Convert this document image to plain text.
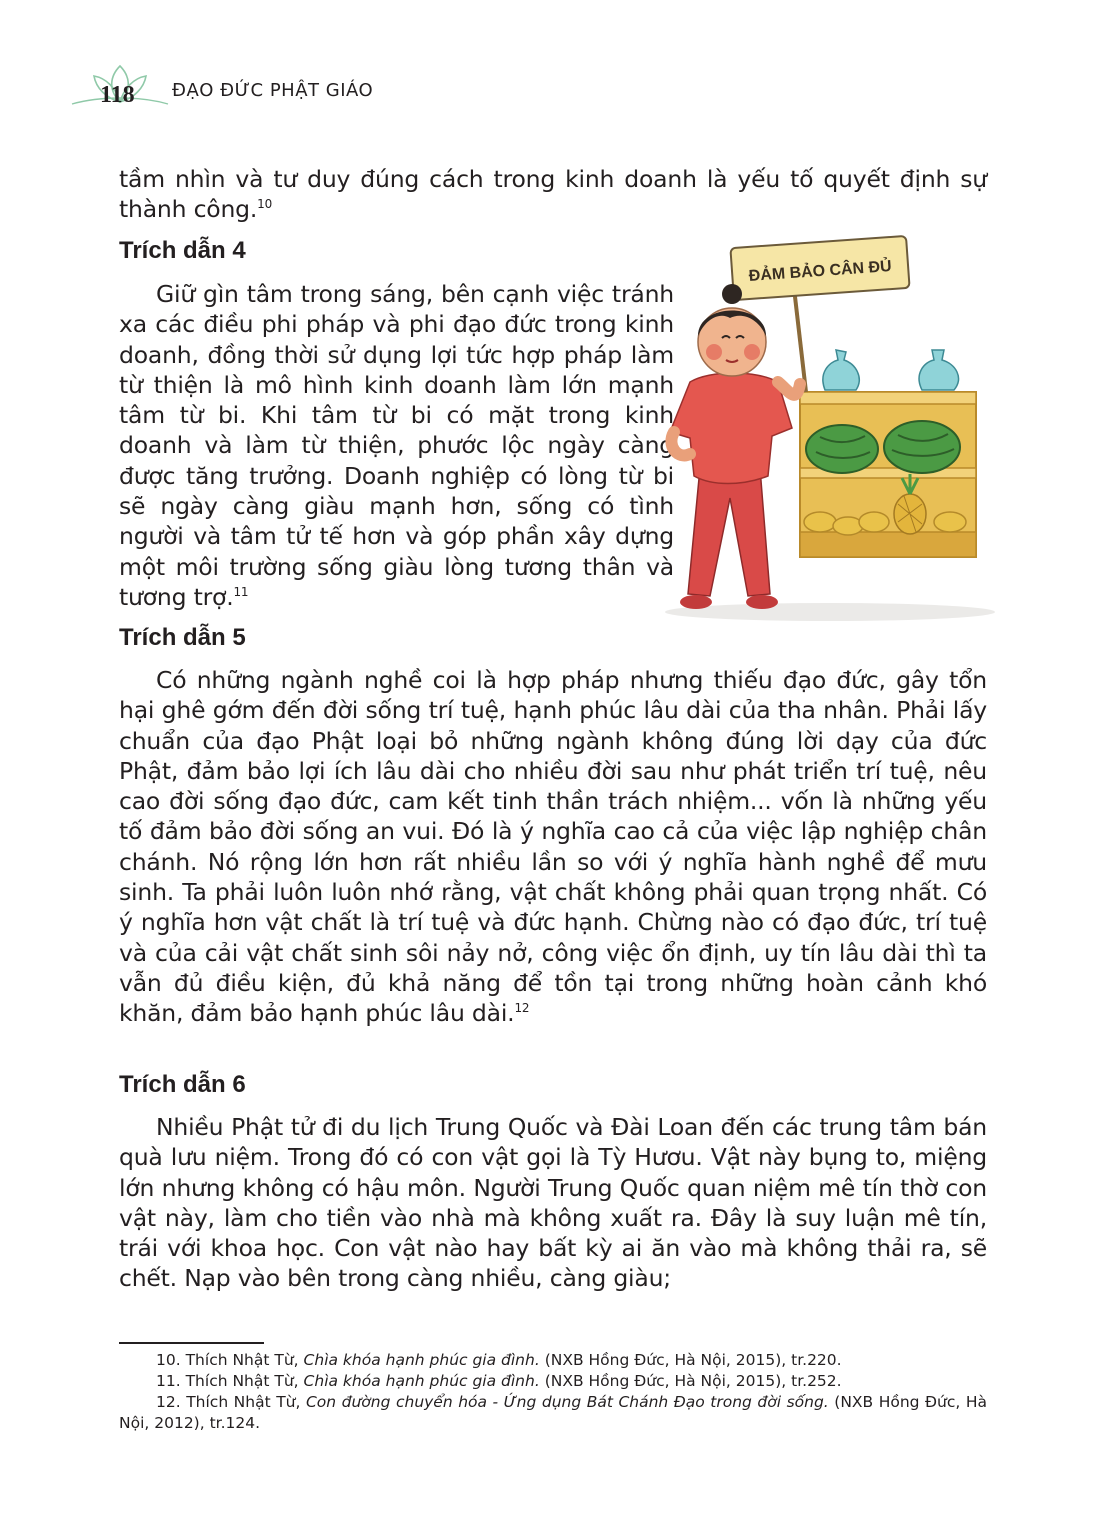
118 ĐẠO ĐỨC PHẬT GIÁO

tầm nhìn và tư duy đúng cách trong kinh doanh là yếu tố quyết định sự thành công.$^{10}$

Trích dẫn 4

Giữ gìn tâm trong sáng, bên cạnh việc tránh xa các điều phi pháp và phi đạo đức trong kinh doanh, đồng thời sử dụng lợi tức hợp pháp làm từ thiện là mô hình kinh doanh làm lớn mạnh tâm từ bi. Khi tâm từ bi có mặt trong kinh doanh và làm từ thiện, phước lộc ngày càng được tăng trưởng. Doanh nghiệp có lòng từ bi sẽ ngày càng giàu mạnh hơn, sống có tình người và tâm tử tế hơn và góp phần xây dựng một môi trường sống giàu lòng tương thân và tương trợ.$^{11}$

ĐẢM BẢO CÂN ĐỦ
Trích dẫn 5

Có những ngành nghề coi là hợp pháp nhưng thiếu đạo đức, gây tổn hại ghê gớm đến đời sống trí tuệ, hạnh phúc lâu dài của tha nhân. Phải lấy chuẩn của đạo Phật loại bỏ những ngành không đúng lời dạy của đức Phật, đảm bảo lợi ích lâu dài cho nhiều đời sau như phát triển trí tuệ, nêu cao đời sống đạo đức, cam kết tinh thần trách nhiệm... vốn là những yếu tố đảm bảo đời sống an vui. Đó là ý nghĩa cao cả của việc lập nghiệp chân chánh. Nó rộng lớn hơn rất nhiều lần so với ý nghĩa hành nghề để mưu sinh. Ta phải luôn luôn nhớ rằng, vật chất không phải quan trọng nhất. Có ý nghĩa hơn vật chất là trí tuệ và đức hạnh. Chừng nào có đạo đức, trí tuệ và của cải vật chất sinh sôi nảy nở, công việc ổn định, uy tín lâu dài thì ta vẫn đủ điều kiện, đủ khả năng để tồn tại trong những hoàn cảnh khó khăn, đảm bảo hạnh phúc lâu dài.$^{12}$

Trích dẫn 6

Nhiều Phật tử đi du lịch Trung Quốc và Đài Loan đến các trung tâm bán quà lưu niệm. Trong đó có con vật gọi là Tỳ Hươu. Vật này bụng to, miệng lớn nhưng không có hậu môn. Người Trung Quốc quan niệm mê tín thờ con vật này, làm cho tiền vào nhà mà không xuất ra. Đây là suy luận mê tín, trái với khoa học. Con vật nào hay bất kỳ ai ăn vào mà không thải ra, sẽ chết. Nạp vào bên trong càng nhiều, càng giàu;

10. Thích Nhật Từ, Chìa khóa hạnh phúc gia đình. (NXB Hồng Đức, Hà Nội, 2015), tr.220.

11. Thích Nhật Từ, Chìa khóa hạnh phúc gia đình. (NXB Hồng Đức, Hà Nội, 2015), tr.252.

12. Thích Nhật Từ, Con đường chuyển hóa - Ứng dụng Bát Chánh Đạo trong đời sống. (NXB Hồng Đức, Hà Nội, 2012), tr.124.
